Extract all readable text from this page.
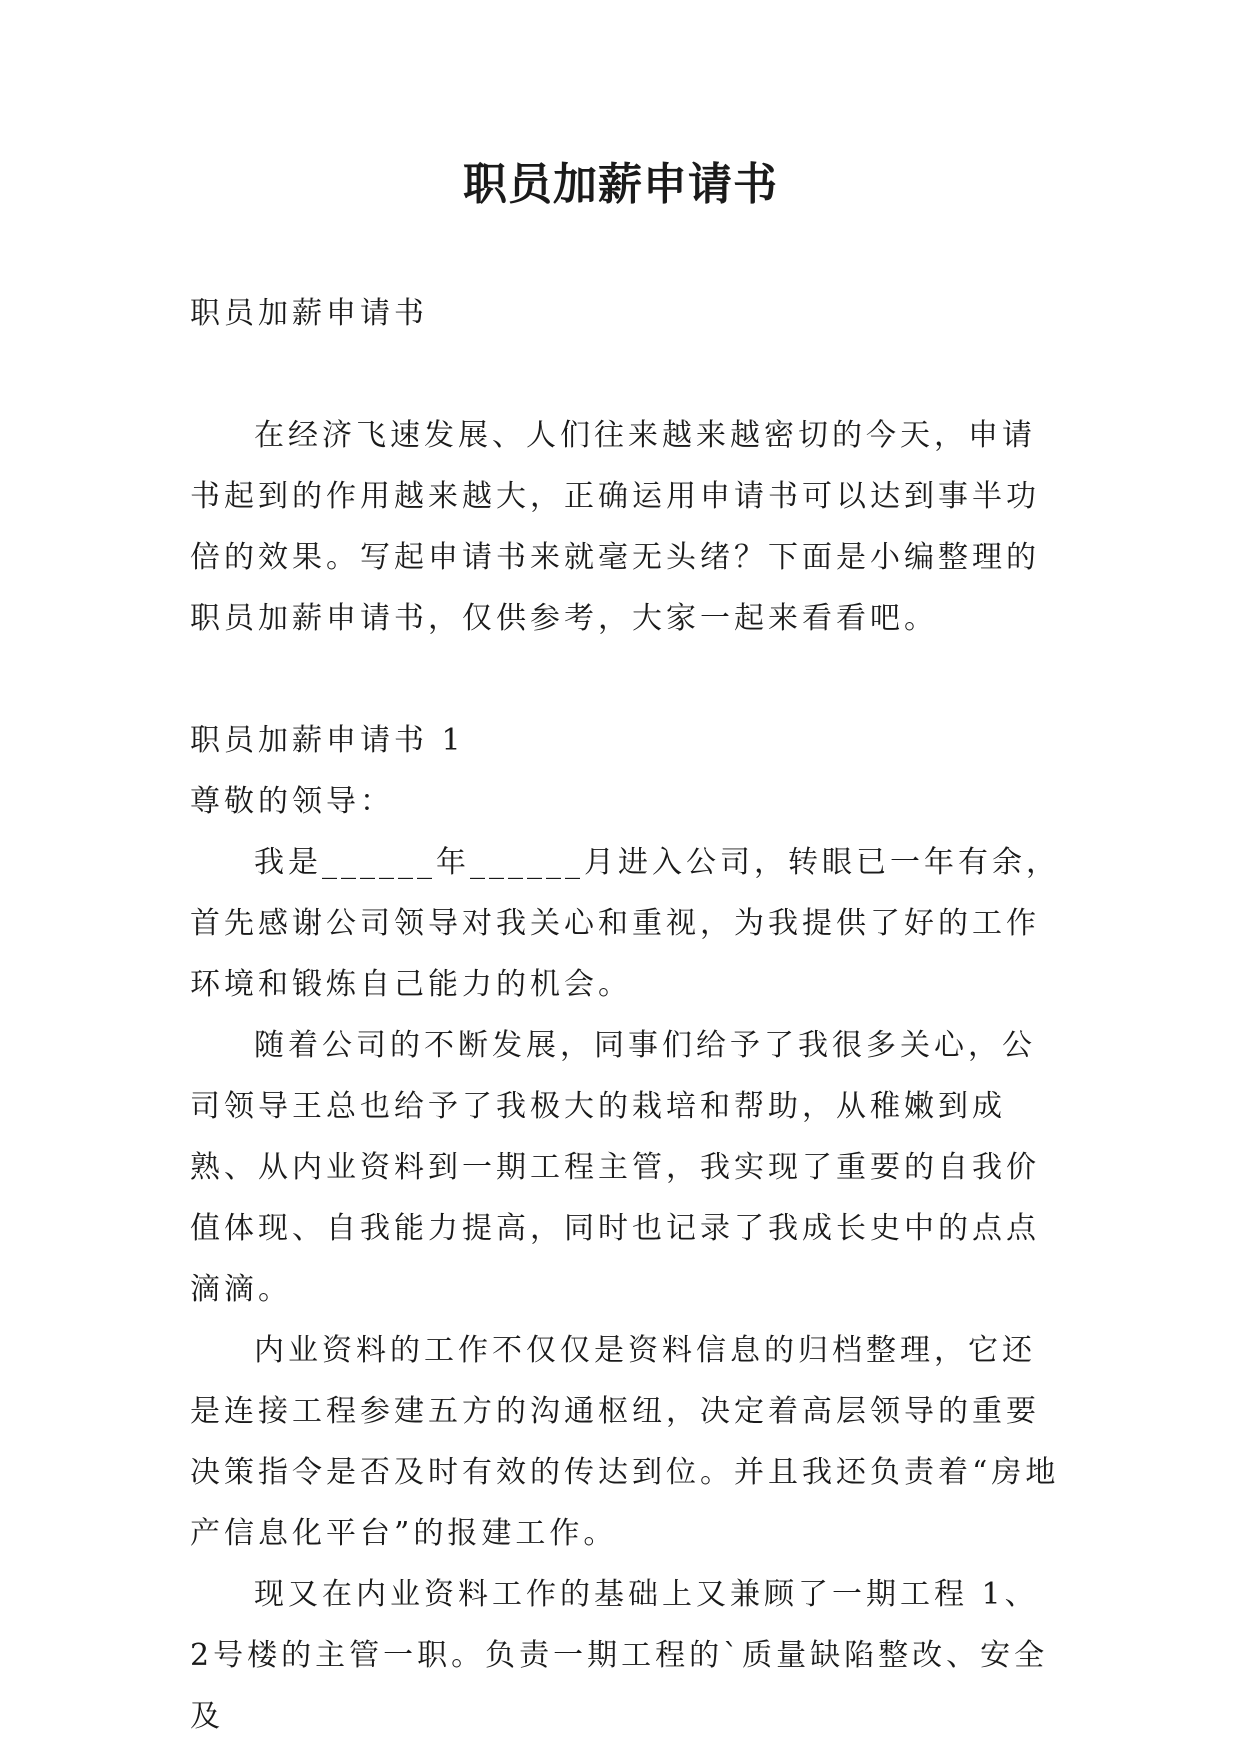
职员加薪申请书

职员加薪申请书

在经济飞速发展、人们往来越来越密切的今天，申请书起到的作用越来越大，正确运用申请书可以达到事半功倍的效果。写起申请书来就毫无头绪？下面是小编整理的职员加薪申请书，仅供参考，大家一起来看看吧。

职员加薪申请书 1

尊敬的领导：

我是______年______月进入公司，转眼已一年有余，首先感谢公司领导对我关心和重视，为我提供了好的工作环境和锻炼自己能力的机会。

随着公司的不断发展，同事们给予了我很多关心，公司领导王总也给予了我极大的栽培和帮助，从稚嫩到成熟、从内业资料到一期工程主管，我实现了重要的自我价值体现、自我能力提高，同时也记录了我成长史中的点点滴滴。

内业资料的工作不仅仅是资料信息的归档整理，它还是连接工程参建五方的沟通枢纽，决定着高层领导的重要决策指令是否及时有效的传达到位。并且我还负责着“房地产信息化平台”的报建工作。

现又在内业资料工作的基础上又兼顾了一期工程 1、2号楼的主管一职。负责一期工程的`质量缺陷整改、安全及
